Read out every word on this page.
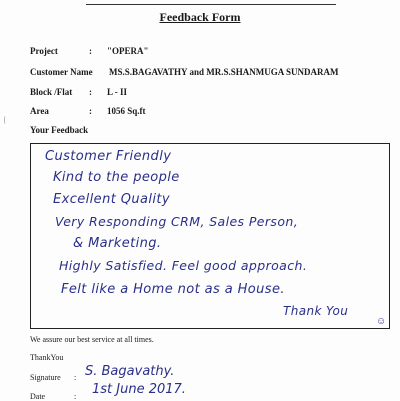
Feedback Form
Project	: "OPERA"
Customer Name MS.S.BAGAVATHY and MR.S.SHANMUGA SUNDARAM
Block /Flat : L - II
Area	: 1056 Sq.ft
Your Feedback
Customer Friendly
Kind to the people
Excellent Quality
Very Responding CRM, Sales Person,
& Marketing.
Highly Satisfied. Feel good approach.
Felt like a Home not as a House.
Thank You
☺
We assure our best service at all times.
ThankYou
Signature : S. Bagavathy.
Date	: 1st June 2017.
